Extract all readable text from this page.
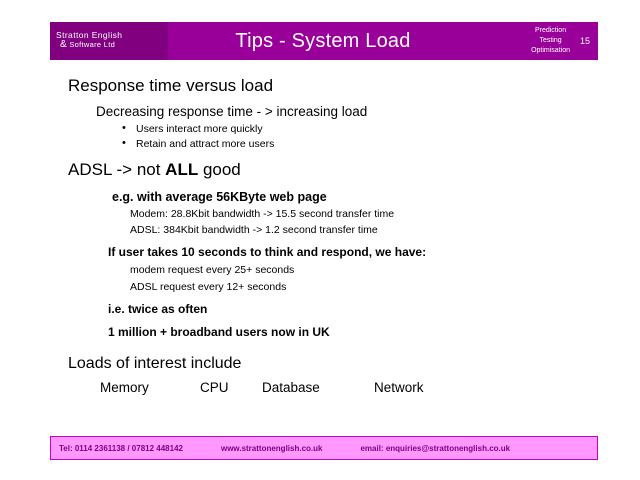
Stratton English
& Software Ltd	Tips - System Load	Prediction
Testing
Optimisation
15
Response time versus load
Decreasing response time - > increasing load
• Users interact more quickly
• Retain and attract more users
ADSL -> not ALL good
e.g. with average 56KByte web page
Modem: 28.8Kbit bandwidth -> 15.5 second transfer time
ADSL: 384Kbit bandwidth -> 1.2 second transfer time
If user takes 10 seconds to think and respond, we have:
modem request every 25+ seconds
ADSL request every 12+ seconds
i.e. twice as often
1 million + broadband users now in UK
Loads of interest include
Memory	CPU	Database	Network
Tel: 0114 2361138 / 07812 448142	www.strattonenglish.co.uk	email: enquiries@strattonenglish.co.uk
